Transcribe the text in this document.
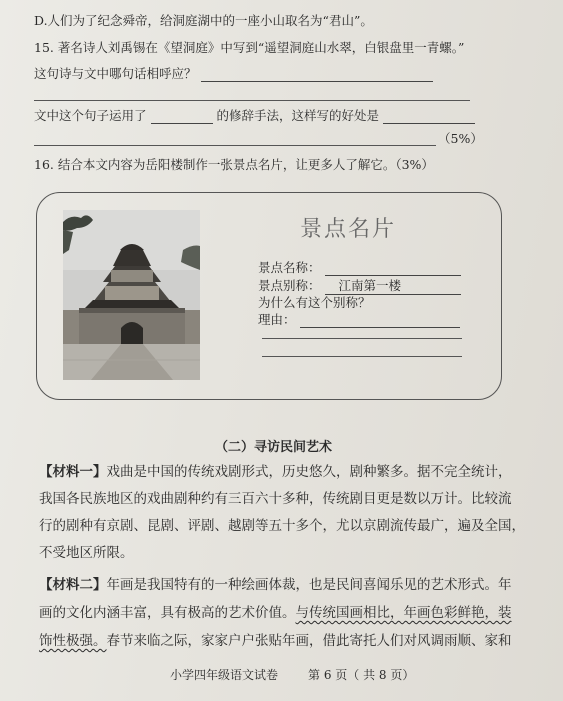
D.人们为了纪念舜帝，给洞庭湖中的一座小山取名为“君山”。
15. 著名诗人刘禹锡在《望洞庭》中写到“遥望洞庭山水翠，白银盘里一青螺。”
这句诗与文中哪句话相呼应？
文中这个句子运用了	的修辞手法，这样写的好处是
（5%）
16. 结合本文内容为岳阳楼制作一张景点名片，让更多人了解它。（3%）
景点名片
景点名称：
景点别称： 江南第一楼
为什么有这个别称？
理由：
（二）寻访民间艺术
【材料一】戏曲是中国的传统戏剧形式，历史悠久，剧种繁多。据不完全统计，
我国各民族地区的戏曲剧种约有三百六十多种，传统剧目更是数以万计。比较流
行的剧种有京剧、昆剧、评剧、越剧等五十多个，尤以京剧流传最广，遍及全国，
不受地区所限。
【材料二】年画是我国特有的一种绘画体裁，也是民间喜闻乐见的艺术形式。年
画的文化内涵丰富，具有极高的艺术价值。与传统国画相比，年画色彩鲜艳，装
饰性极强。春节来临之际，家家户户张贴年画，借此寄托人们对风调雨顺、家和
小学四年级语文试卷 第 6 页（ 共 8 页）
